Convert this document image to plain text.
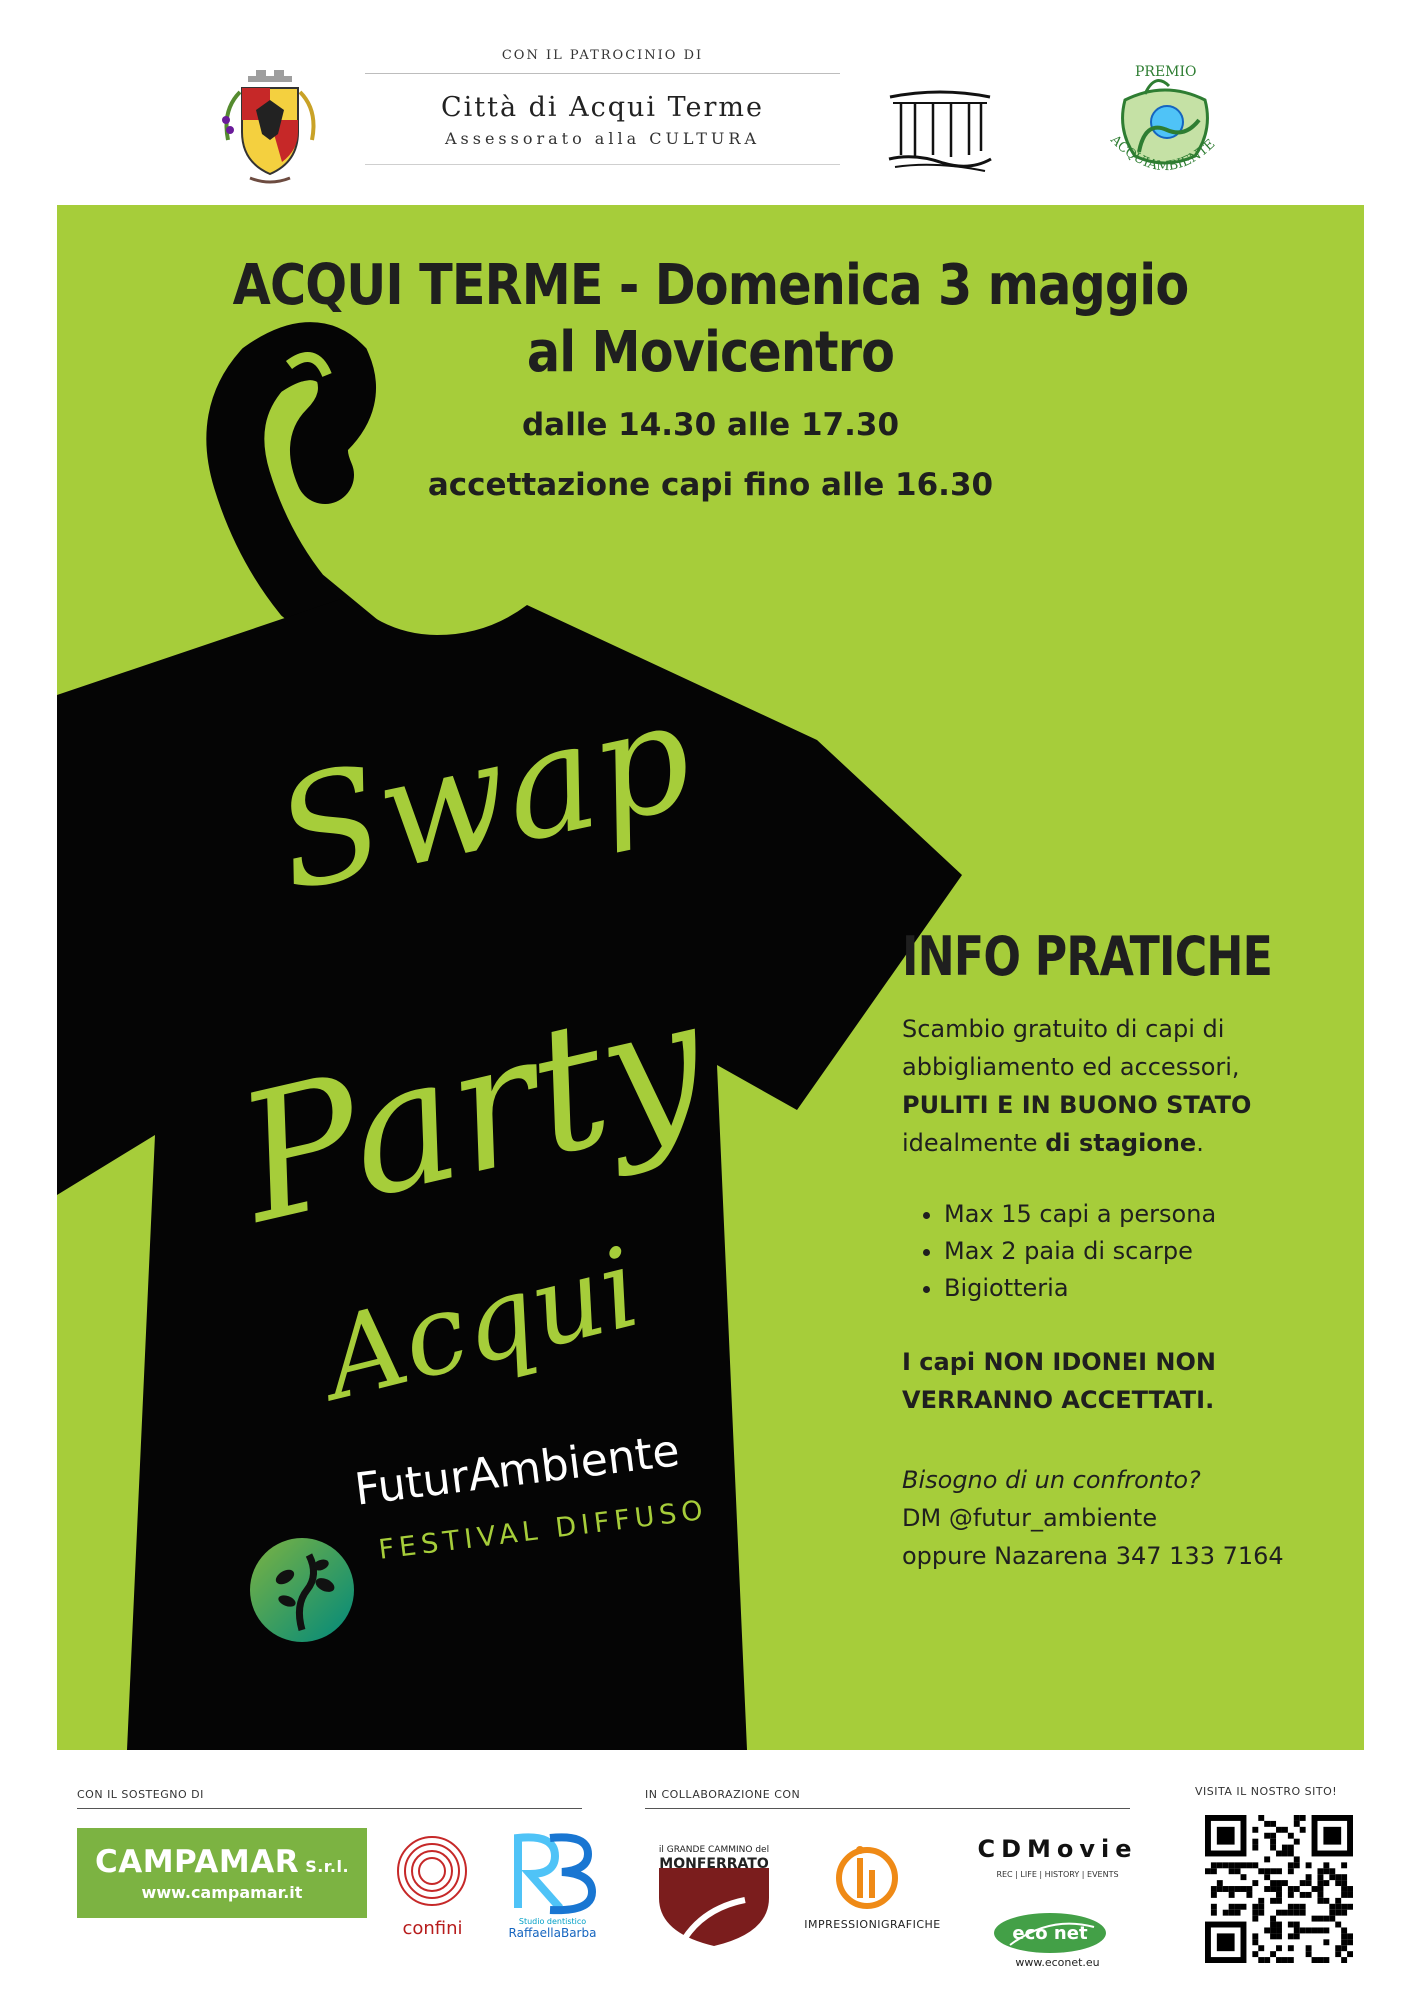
CON IL PATROCINIO DI
Città di Acqui Terme
Assessorato alla CULTURA
PREMIO
ACQUIAMBIENTE
ACQUI TERME - Domenica 3 maggio
al Movicentro
dalle 14.30 alle 17.30
accettazione capi fino alle 16.30
Swap
Party
Acqui
FuturAmbiente
FESTIVAL DIFFUSO
INFO PRATICHE
Scambio gratuito di capi di abbigliamento ed accessori, PULITI E IN BUONO STATO idealmente di stagione.
• Max 15 capi a persona
• Max 2 paia di scarpe
• Bigiotteria
I capi NON IDONEI NON VERRANNO ACCETTATI.
Bisogno di un confronto?
DM @futur_ambiente
oppure Nazarena 347 133 7164
CON IL SOSTEGNO DI	IN COLLABORAZIONE CON	VISITA IL NOSTRO SITO!
CAMPAMAR S.r.l.
www.campamar.it
confini	Studio dentistico
RaffaellaBarba
il GRANDE CAMMINO del
MONFERRATO
IMPRESSIONIGRAFICHE
CDMovie
REC | LIFE | HISTORY | EVENTS
eco net
www.econet.eu
